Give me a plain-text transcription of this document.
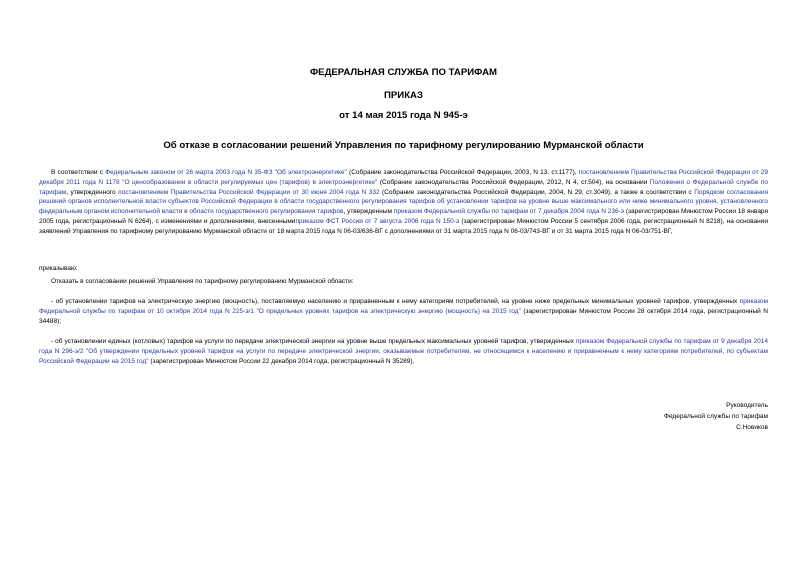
ФЕДЕРАЛЬНАЯ СЛУЖБА ПО ТАРИФАМ
ПРИКАЗ
от 14 мая 2015 года N 945-э
Об отказе в согласовании решений Управления по тарифному регулированию Мурманской области

В соответствии с Федеральным законом от 26 марта 2003 года N 35-ФЗ "Об электроэнергетике" (Собрание законодательства Российской Федерации, 2003, N 13, ст.1177), постановлением Правительства Российской Федерации от 29 декабря 2011 года N 1178 "О ценообразовании в области регулируемых цен (тарифов) в электроэнергетике" (Собрание законодательства Российской Федерации, 2012, N 4, ст.504), на основании Положения о Федеральной службе по тарифам, утвержденного постановлением Правительства Российской Федерации от 30 июня 2004 года N 332 (Собрание законодательства Российской Федерации, 2004, N 29, ст.3049), а также в соответствии с Порядком согласования решений органов исполнительной власти субъектов Российской Федерации в области государственного регулирования тарифов об установлении тарифов на уровне выше максимального или ниже минимального уровня, установленного федеральным органом исполнительной власти в области государственного регулирования тарифов, утвержденным приказом Федеральной службы по тарифам от 7 декабря 2004 года N 236-э (зарегистрирован Минюстом России 18 января 2005 года, регистрационный N 6264), с изменениями и дополнениями, внесеннымиприказом ФСТ России от 7 августа 2006 года N 150-э (зарегистрирован Минюстом России 5 сентября 2006 года, регистрационный N 8218), на основании заявлений Управления по тарифному регулированию Мурманской области от 18 марта 2015 года N 06-03/636-ВГ с дополнениями от 31 марта 2015 года N 06-03/743-ВГ и от 31 марта 2015 года N 06-03/751-ВГ,

приказываю:

Отказать в согласовании решений Управления по тарифному регулированию Мурманской области:

- об установлении тарифов на электрическую энергию (мощность), поставляемую населению и приравненным к нему категориям потребителей, на уровне ниже предельных минимальных уровней тарифов, утвержденных приказом Федеральной службы по тарифам от 10 октября 2014 года N 225-э/1 "О предельных уровнях тарифов на электрическую энергию (мощность) на 2015 год" (зарегистрирован Минюстом России 28 октября 2014 года, регистрационный N 34488);

- об установлении единых (котловых) тарифов на услуги по передаче электрической энергии на уровне выше предельных максимальных уровней тарифов, утвержденных приказом Федеральной службы по тарифам от 9 декабря 2014 года N 296-э/2 "Об утверждении предельных уровней тарифов на услуги по передаче электрической энергии, оказываемые потребителям, не относящимся к населению и приравненным к нему категориям потребителей, по субъектам Российской Федерации на 2015 год" (зарегистрирован Минюстом России 22 декабря 2014 года, регистрационный N 35289).

Руководитель
Федеральной службы по тарифам
С.Новиков
